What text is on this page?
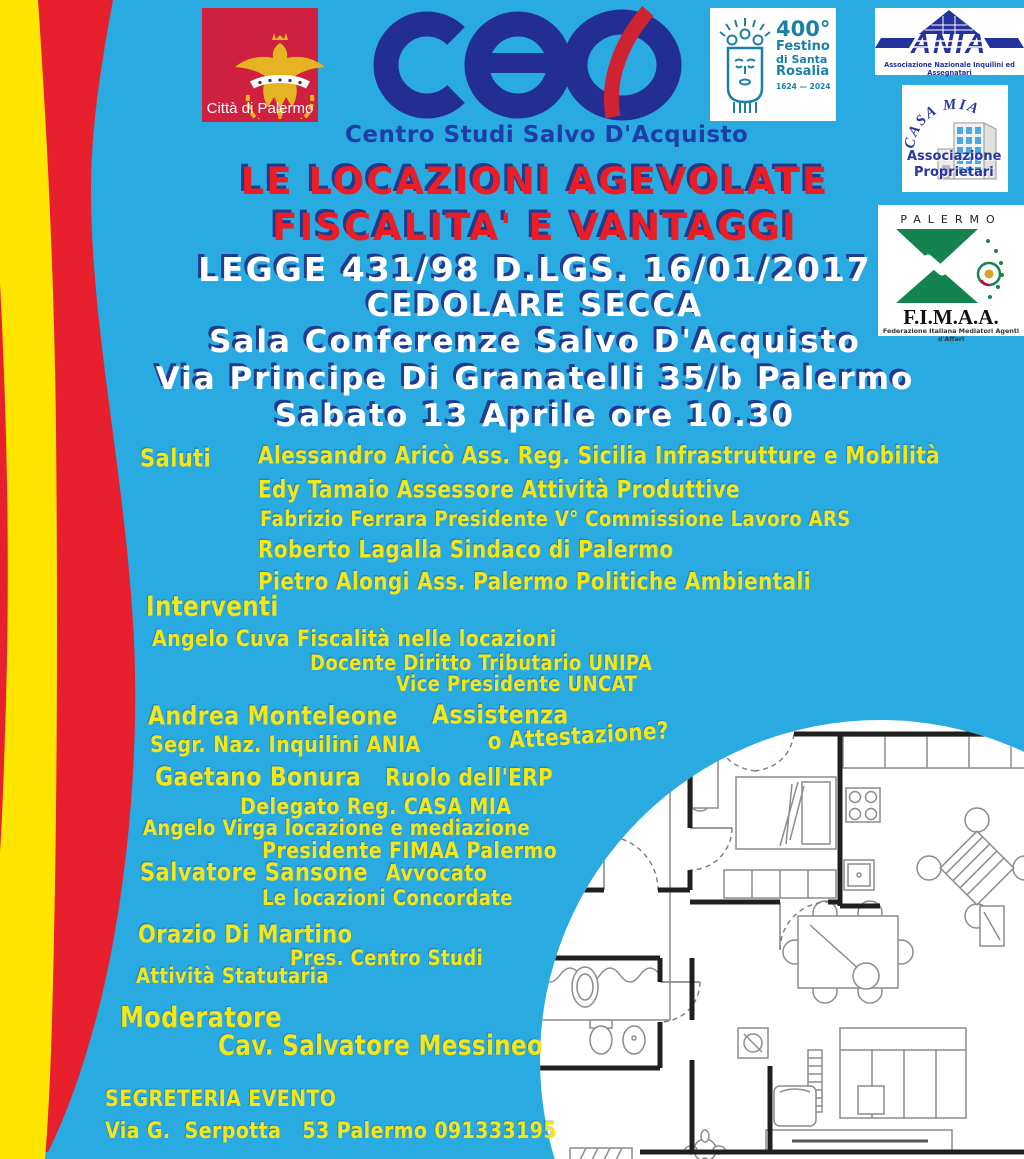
Città di Palermo

Centro Studi Salvo D'Acquisto
400°
Festino
di Santa
Rosalia
1624 — 2024
ANIA
Associazione Nazionale Inquilini ed Assegnatari
CASA MIA
Associazione
Proprietari
PALERMO
F.I.M.A.A.
Federazione Italiana Mediatori Agenti d'Affari
LE LOCAZIONI AGEVOLATE
FISCALITA' E VANTAGGI
LEGGE 431/98 D.LGS. 16/01/2017
CEDOLARE SECCA
Sala Conferenze Salvo D'Acquisto
Via Principe Di Granatelli 35/b Palermo
Sabato 13 Aprile ore 10.30
Saluti Alessandro Aricò Ass. Reg. Sicilia Infrastrutture e Mobilità
Edy Tamaio Assessore Attività Produttive
Fabrizio Ferrara Presidente V° Commissione Lavoro ARS
Roberto Lagalla Sindaco di Palermo
Pietro Alongi Ass. Palermo Politiche Ambientali
Interventi
Angelo Cuva Fiscalità nelle locazioni
Docente Diritto Tributario UNIPA
Vice Presidente UNCAT
Andrea Monteleone Assistenza
Segr. Naz. Inquilini ANIA	o Attestazione?
Gaetano Bonura Ruolo dell'ERP
Delegato Reg. CASA MIA
Angelo Virga locazione e mediazione
Presidente FIMAA Palermo
Salvatore Sansone Avvocato
Le locazioni Concordate
Orazio Di Martino
Pres. Centro Studi
Attività Statutaria
Moderatore
Cav. Salvatore Messineo
SEGRETERIA EVENTO
Via G.  Serpotta   53 Palermo 091333195
